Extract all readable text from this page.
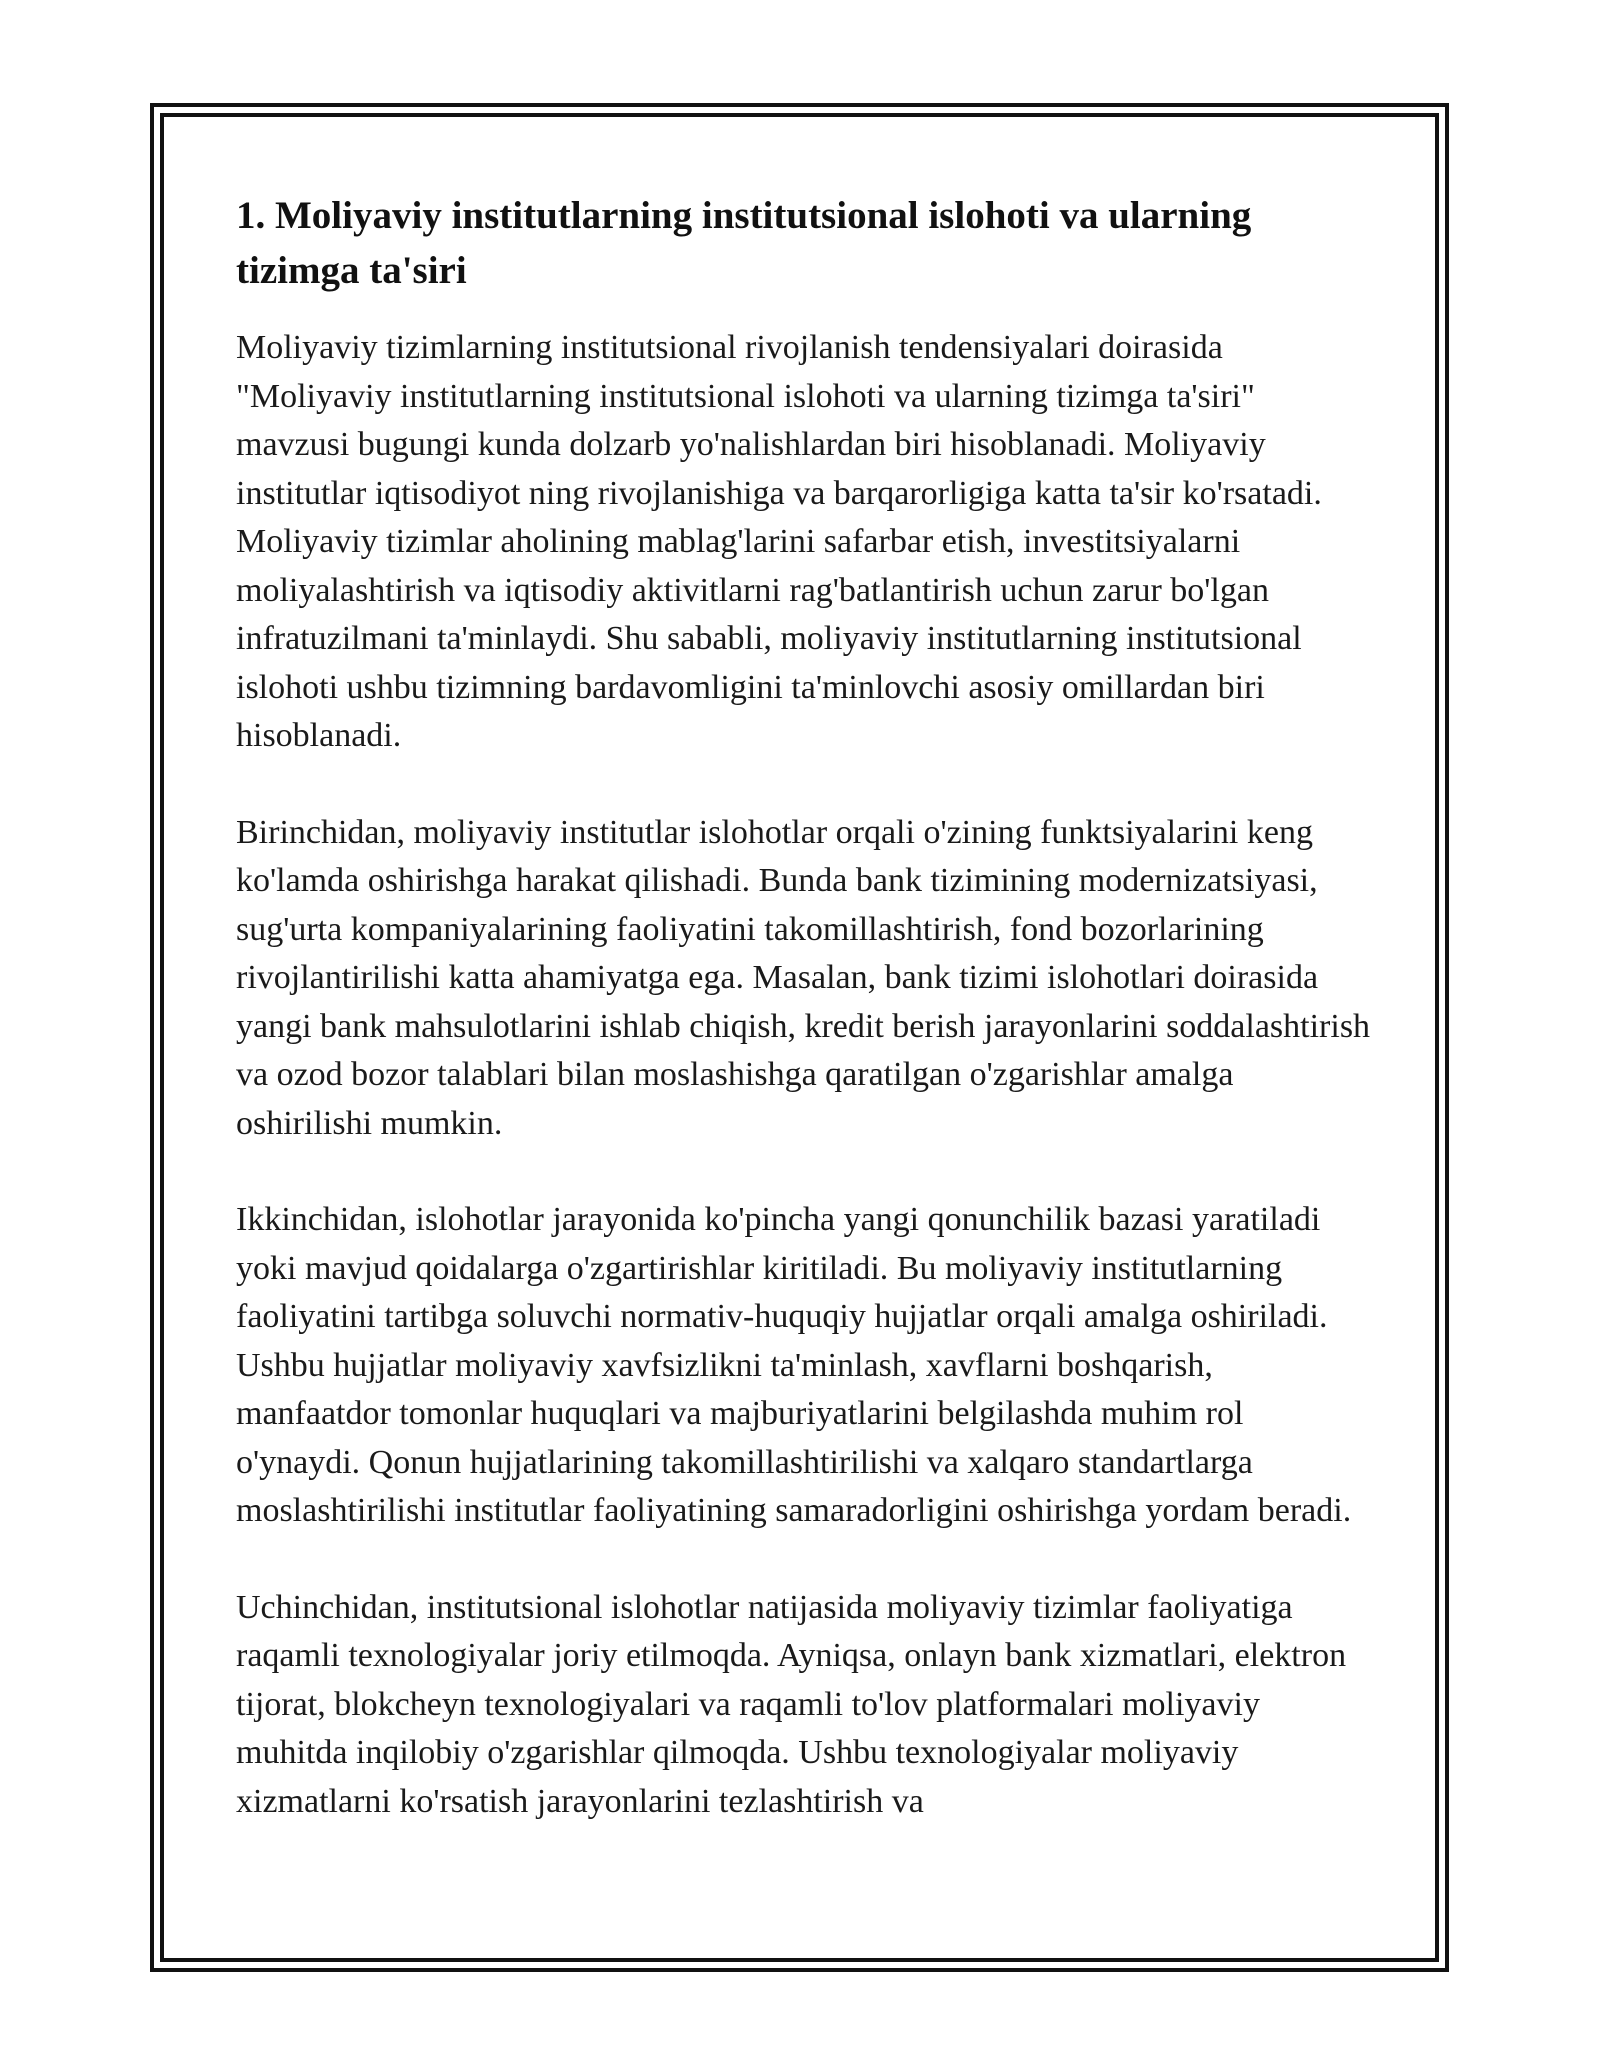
1. Moliyaviy institutlarning institutsional islohoti va ularning tizimga ta'siri

Moliyaviy tizimlarning institutsional rivojlanish tendensiyalari doirasida "Moliyaviy institutlarning institutsional islohoti va ularning tizimga ta'siri" mavzusi bugungi kunda dolzarb yo'nalishlardan biri hisoblanadi. Moliyaviy institutlar iqtisodiyot ning rivojlanishiga va barqarorligiga katta ta'sir ko'rsatadi. Moliyaviy tizimlar aholining mablag'larini safarbar etish, investitsiyalarni moliyalashtirish va iqtisodiy aktivitlarni rag'batlantirish uchun zarur bo'lgan infratuzilmani ta'minlaydi. Shu sababli, moliyaviy institutlarning institutsional islohoti ushbu tizimning bardavomligini ta'minlovchi asosiy omillardan biri hisoblanadi.

Birinchidan, moliyaviy institutlar islohotlar orqali o'zining funktsiyalarini keng ko'lamda oshirishga harakat qilishadi. Bunda bank tizimining modernizatsiyasi, sug'urta kompaniyalarining faoliyatini takomillashtirish, fond bozorlarining rivojlantirilishi katta ahamiyatga ega. Masalan, bank tizimi islohotlari doirasida yangi bank mahsulotlarini ishlab chiqish, kredit berish jarayonlarini soddalashtirish va ozod bozor talablari bilan moslashishga qaratilgan o'zgarishlar amalga oshirilishi mumkin.

Ikkinchidan, islohotlar jarayonida ko'pincha yangi qonunchilik bazasi yaratiladi yoki mavjud qoidalarga o'zgartirishlar kiritiladi. Bu moliyaviy institutlarning faoliyatini tartibga soluvchi normativ-huquqiy hujjatlar orqali amalga oshiriladi. Ushbu hujjatlar moliyaviy xavfsizlikni ta'minlash, xavflarni boshqarish, manfaatdor tomonlar huquqlari va majburiyatlarini belgilashda muhim rol o'ynaydi. Qonun hujjatlarining takomillashtirilishi va xalqaro standartlarga moslashtirilishi institutlar faoliyatining samaradorligini oshirishga yordam beradi.

Uchinchidan, institutsional islohotlar natijasida moliyaviy tizimlar faoliyatiga raqamli texnologiyalar joriy etilmoqda. Ayniqsa, onlayn bank xizmatlari, elektron tijorat, blokcheyn texnologiyalari va raqamli to'lov platformalari moliyaviy muhitda inqilobiy o'zgarishlar qilmoqda. Ushbu texnologiyalar moliyaviy xizmatlarni ko'rsatish jarayonlarini tezlashtirish va
